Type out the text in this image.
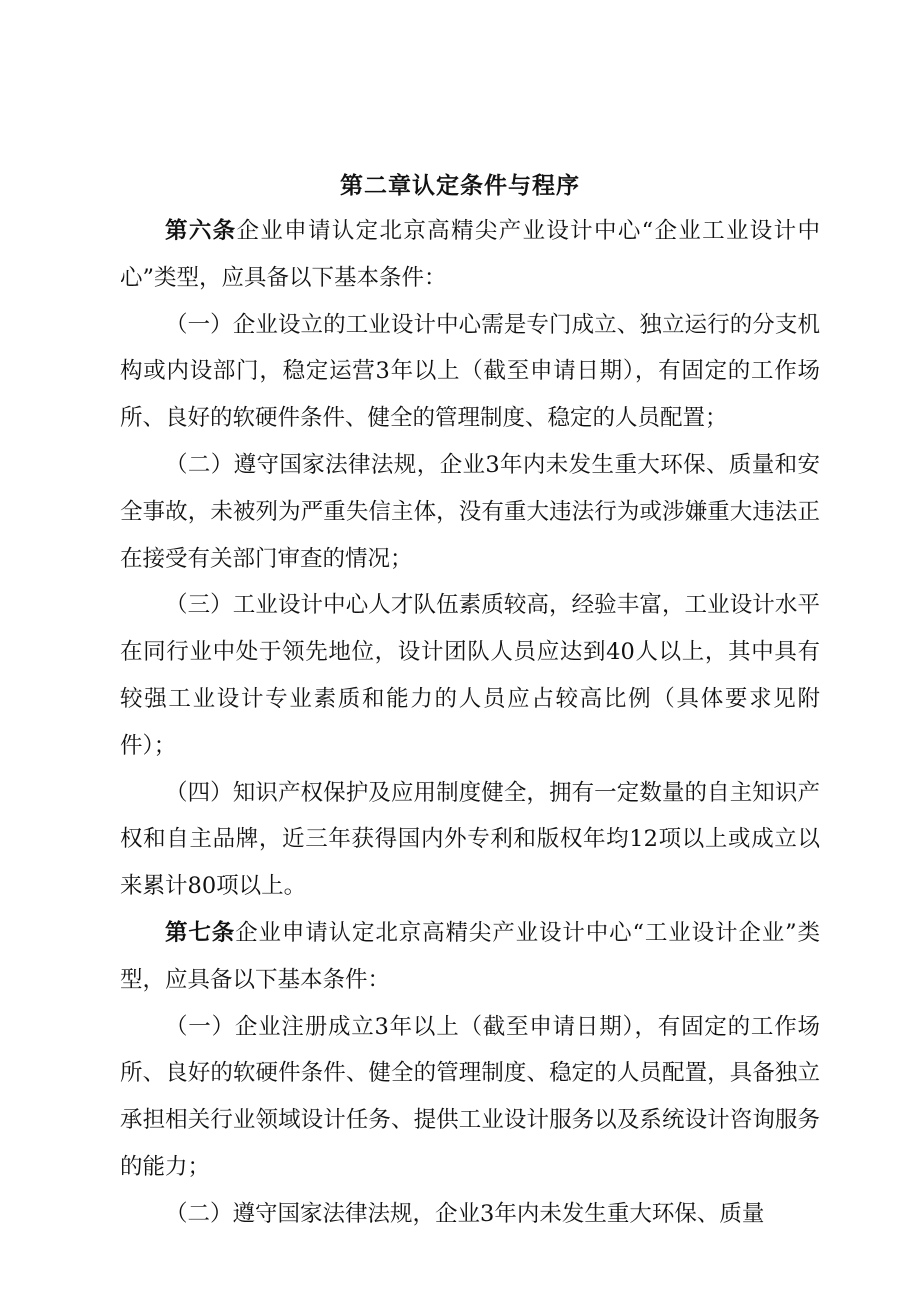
第二章认定条件与程序

第六条企业申请认定北京高精尖产业设计中心“企业工业设计中心”类型，应具备以下基本条件：

（一）企业设立的工业设计中心需是专门成立、独立运行的分支机构或内设部门，稳定运营3年以上（截至申请日期），有固定的工作场所、良好的软硬件条件、健全的管理制度、稳定的人员配置；

（二）遵守国家法律法规，企业3年内未发生重大环保、质量和安全事故，未被列为严重失信主体，没有重大违法行为或涉嫌重大违法正在接受有关部门审查的情况；

（三）工业设计中心人才队伍素质较高，经验丰富，工业设计水平在同行业中处于领先地位，设计团队人员应达到40人以上，其中具有较强工业设计专业素质和能力的人员应占较高比例（具体要求见附件）；

（四）知识产权保护及应用制度健全，拥有一定数量的自主知识产权和自主品牌，近三年获得国内外专利和版权年均12项以上或成立以来累计80项以上。

第七条企业申请认定北京高精尖产业设计中心“工业设计企业”类型，应具备以下基本条件：

（一）企业注册成立3年以上（截至申请日期），有固定的工作场所、良好的软硬件条件、健全的管理制度、稳定的人员配置，具备独立承担相关行业领域设计任务、提供工业设计服务以及系统设计咨询服务的能力；

（二）遵守国家法律法规，企业3年内未发生重大环保、质量
